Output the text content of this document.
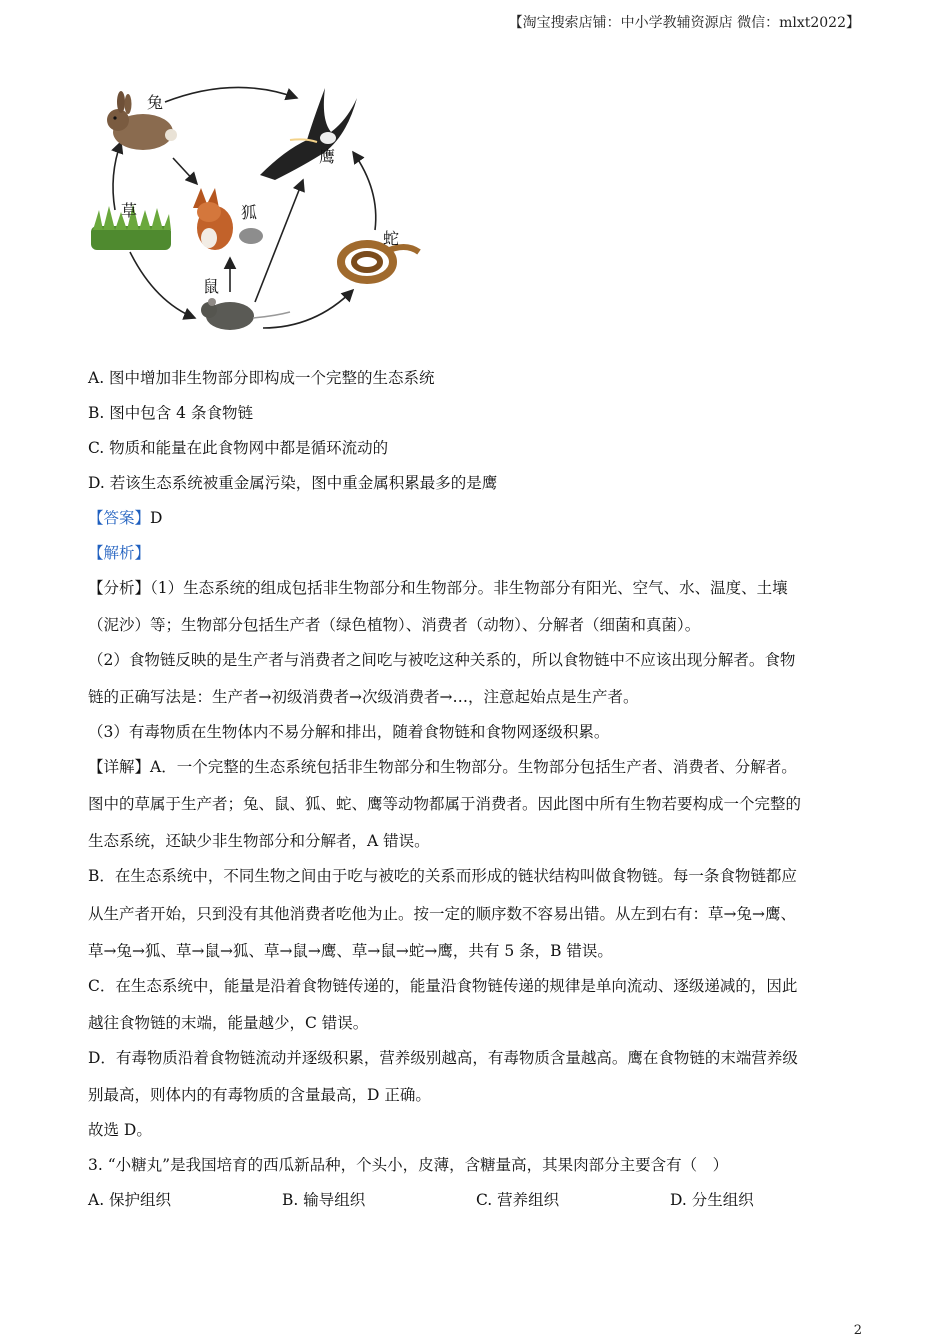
【淘宝搜索店铺：中小学教辅资源店 微信：mlxt2022】
兔
鹰
草	狐
蛇
鼠
A. 图中增加非生物部分即构成一个完整的生态系统
B. 图中包含 4 条食物链
C. 物质和能量在此食物网中都是循环流动的
D. 若该生态系统被重金属污染，图中重金属积累最多的是鹰
【答案】D
【解析】
【分析】（1）生态系统的组成包括非生物部分和生物部分。非生物部分有阳光、空气、水、温度、土壤
（泥沙）等；生物部分包括生产者（绿色植物）、消费者（动物）、分解者（细菌和真菌）。
（2）食物链反映的是生产者与消费者之间吃与被吃这种关系的，所以食物链中不应该出现分解者。食物
链的正确写法是：生产者→初级消费者→次级消费者→…，注意起始点是生产者。
（3）有毒物质在生物体内不易分解和排出，随着食物链和食物网逐级积累。
【详解】A．一个完整的生态系统包括非生物部分和生物部分。生物部分包括生产者、消费者、分解者。
图中的草属于生产者；兔、鼠、狐、蛇、鹰等动物都属于消费者。因此图中所有生物若要构成一个完整的
生态系统，还缺少非生物部分和分解者，A 错误。
B．在生态系统中，不同生物之间由于吃与被吃的关系而形成的链状结构叫做食物链。每一条食物链都应
从生产者开始，只到没有其他消费者吃他为止。按一定的顺序数不容易出错。从左到右有：草→兔→鹰、
草→兔→狐、草→鼠→狐、草→鼠→鹰、草→鼠→蛇→鹰，共有 5 条，B 错误。
C．在生态系统中，能量是沿着食物链传递的，能量沿食物链传递的规律是单向流动、逐级递减的，因此
越往食物链的末端，能量越少，C 错误。
D．有毒物质沿着食物链流动并逐级积累，营养级别越高，有毒物质含量越高。鹰在食物链的末端营养级
别最高，则体内的有毒物质的含量最高，D 正确。
故选 D。
3. “小糖丸”是我国培育的西瓜新品种，个头小，皮薄，含糖量高，其果肉部分主要含有（　）
A. 保护组织	B. 输导组织	C. 营养组织	D. 分生组织
2
